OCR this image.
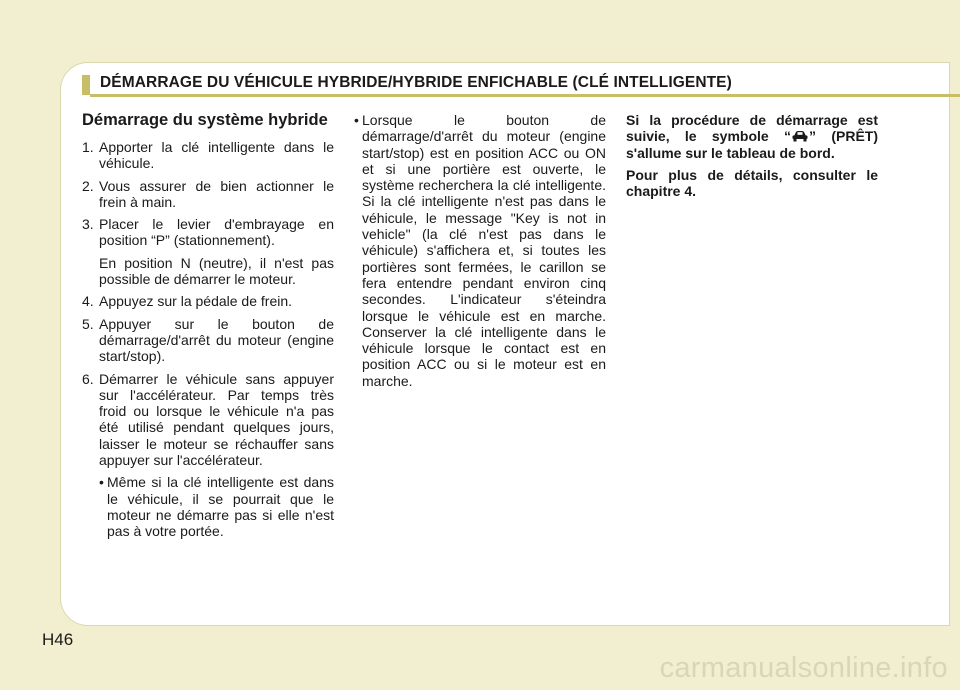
DÉMARRAGE DU VÉHICULE HYBRIDE/HYBRIDE ENFICHABLE (CLÉ INTELLIGENTE)
Démarrage du système hybride
1. Apporter la clé intelligente dans le véhicule.
2. Vous assurer de bien actionner le frein à main.
3. Placer le levier d'embrayage en position “P” (stationnement).
En position N (neutre), il n'est pas possible de démarrer le moteur.
4. Appuyez sur la pédale de frein.
5. Appuyer sur le bouton de démarrage/d'arrêt du moteur (engine start/stop).
6. Démarrer le véhicule sans appuyer sur l'accélérateur. Par temps très froid ou lorsque le véhicule n'a pas été utilisé pendant quelques jours, laisser le moteur se réchauffer sans appuyer sur l'accélérateur.
• Même si la clé intelligente est dans le véhicule, il se pourrait que le moteur ne démarre pas si elle n'est pas à votre portée.
• Lorsque le bouton de démarrage/d'arrêt du moteur (engine start/stop) est en position ACC ou ON et si une portière est ouverte, le système recherchera la clé intelligente. Si la clé intelligente n'est pas dans le véhicule, le message "Key is not in vehicle" (la clé n'est pas dans le véhicule) s'affichera et, si toutes les portières sont fermées, le carillon se fera entendre pendant environ cinq secondes. L'indicateur s'éteindra lorsque le véhicule est en marche. Conserver la clé intelligente dans le véhicule lorsque le contact est en position ACC ou si le moteur est en marche.

Si la procédure de démarrage est suivie, le symbole “ ” (PRÊT) s'allume sur le tableau de bord.

Pour plus de détails, consulter le chapitre 4.

H46
carmanualsonline.info
